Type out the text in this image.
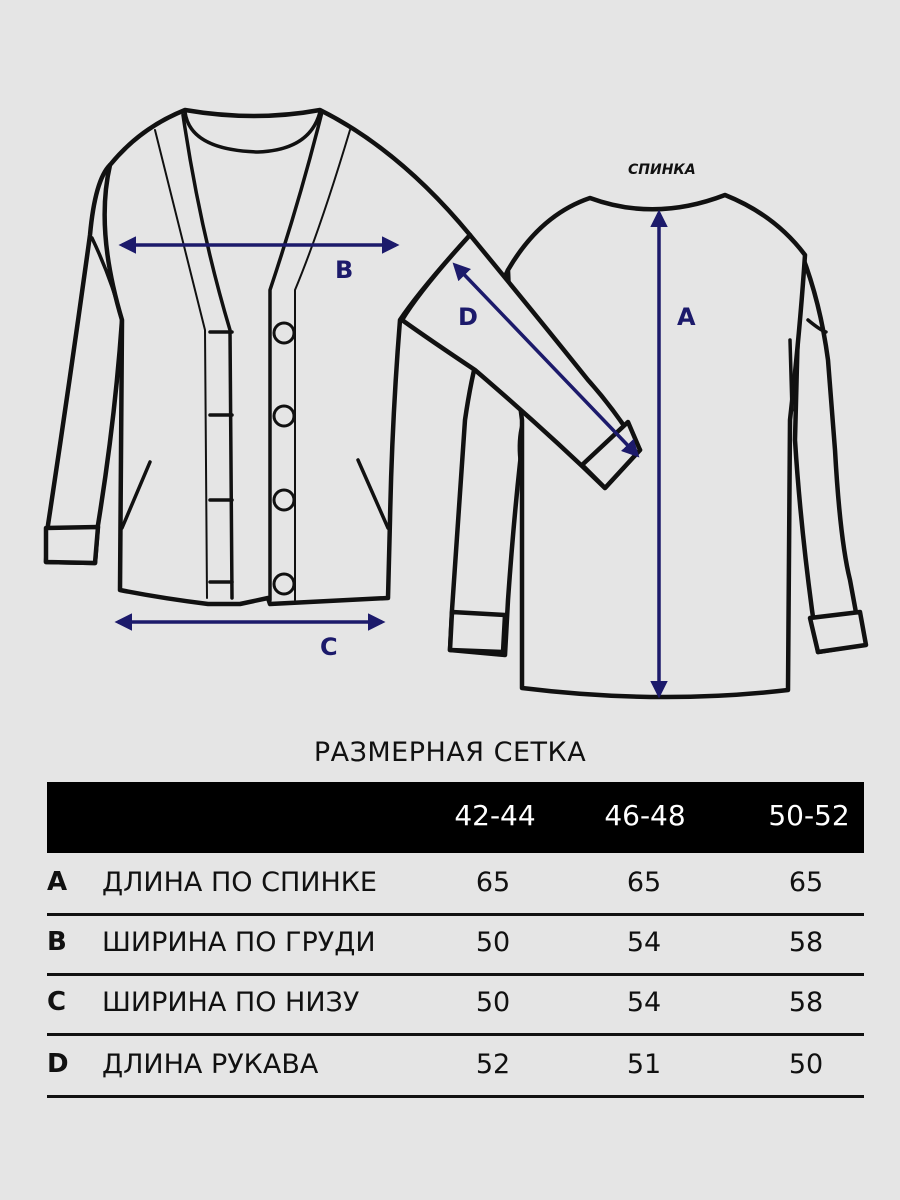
B
C
D	A
СПИНКА
РАЗМЕРНАЯ СЕТКА
42-44	46-48	50-52
A ДЛИНА ПО СПИНКЕ	65	65	65
B ШИРИНА ПО ГРУДИ	50	54	58
C ШИРИНА ПО НИЗУ	50	54	58
D ДЛИНА РУКАВА	52	51	50
